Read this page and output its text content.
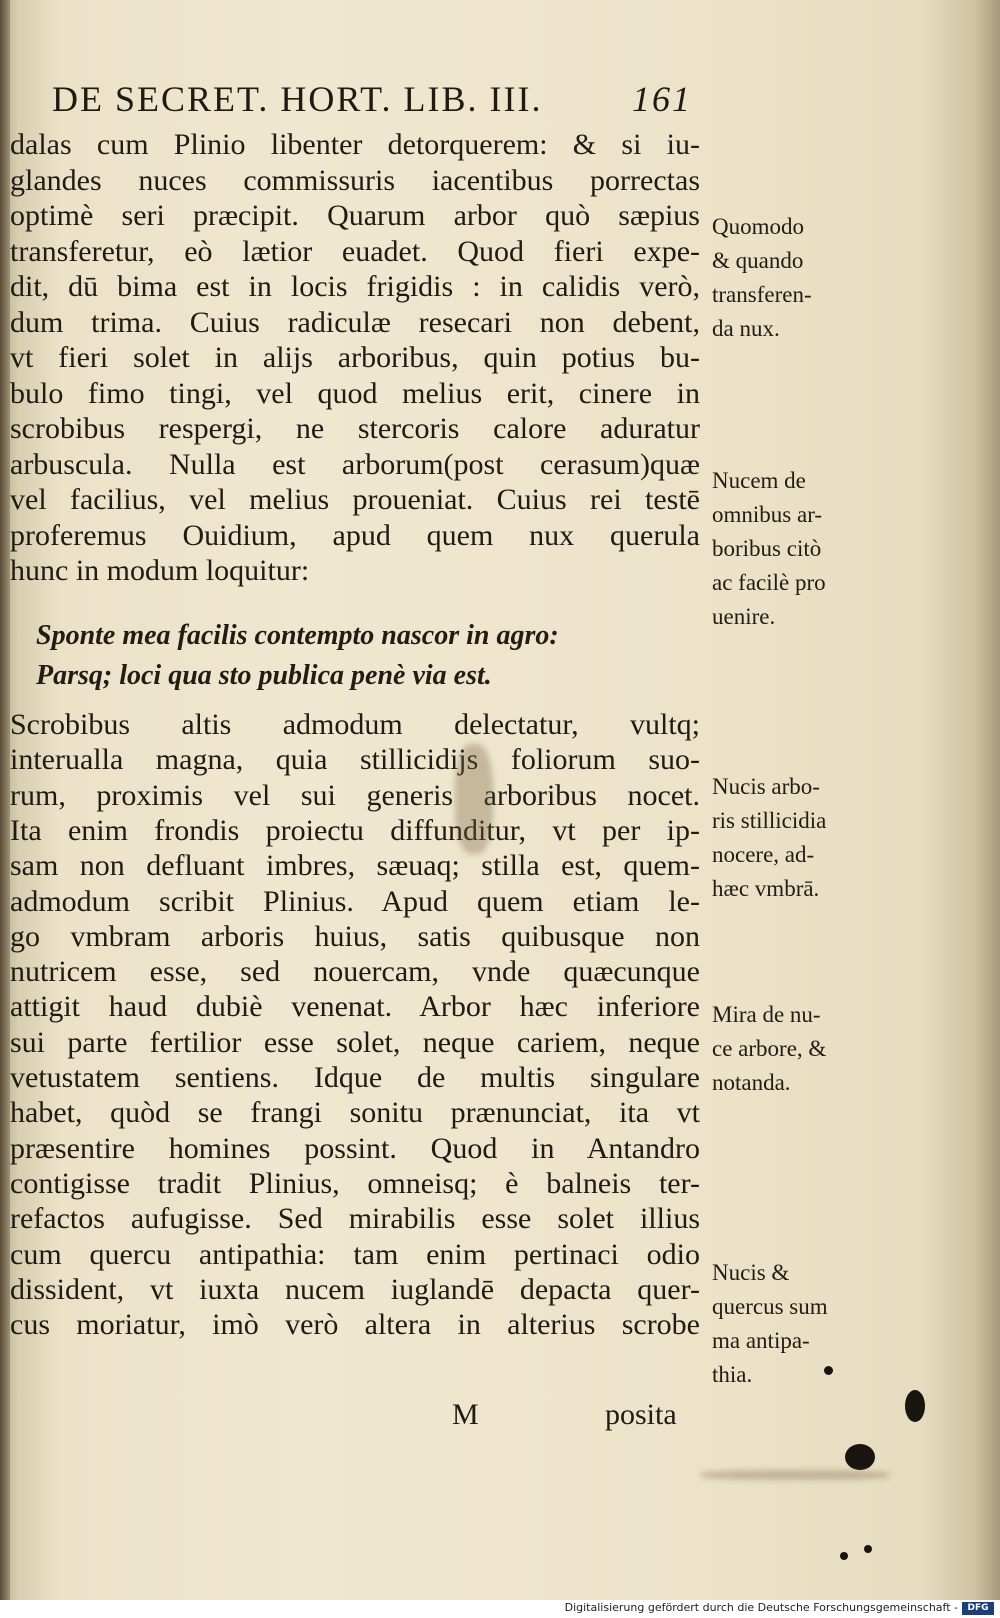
DE SECRET. HORT. LIB. III. 161
dalas cum Plinio libenter detorquerem: & si iu-
glandes nuces commissuris iacentibus porrectas
optimè seri præcipit. Quarum arbor quò sæpius
transferetur, eò lætior euadet. Quod fieri expe-
dit, dū bima est in locis frigidis : in calidis verò,
dum trima. Cuius radiculæ resecari non debent,
vt fieri solet in alijs arboribus, quin potius bu-
bulo fimo tingi, vel quod melius erit, cinere in
scrobibus respergi, ne stercoris calore aduratur
arbuscula. Nulla est arborum(post cerasum)quæ
vel facilius, vel melius proueniat. Cuius rei testē
proferemus Ouidium, apud quem nux querula
hunc in modum loquitur:
Sponte mea facilis contempto nascor in agro:
Parsq; loci qua sto publica penè via est.
Scrobibus altis admodum delectatur, vultq;
interualla magna, quia stillicidijs foliorum suo-
rum, proximis vel sui generis arboribus nocet.
Ita enim frondis proiectu diffunditur, vt per ip-
sam non defluant imbres, sæuaq; stilla est, quem-
admodum scribit Plinius. Apud quem etiam le-
go vmbram arboris huius, satis quibusque non
nutricem esse, sed nouercam, vnde quæcunque
attigit haud dubiè venenat. Arbor hæc inferiore
sui parte fertilior esse solet, neque cariem, neque
vetustatem sentiens. Idque de multis singulare
habet, quòd se frangi sonitu prænunciat, ita vt
præsentire homines possint. Quod in Antandro
contigisse tradit Plinius, omneisq; è balneis ter-
refactos aufugisse. Sed mirabilis esse solet illius
cum quercu antipathia: tam enim pertinaci odio
dissident, vt iuxta nucem iuglandē depacta quer-
cus moriatur, imò verò altera in alterius scrobe
Quomodo
& quando
transferen-
da nux.
Nucem de
omnibus ar-
boribus citò
ac facilè pro
uenire.
Nucis arbo-
ris stillicidia
nocere, ad-
hæc vmbrā.
Mira de nu-
ce arbore, &
notanda.
Nucis &
quercus sum
ma antipa-
thia.
M	posita
Digitalisierung gefördert durch die Deutsche Forschungsgemeinschaft -	DFG
